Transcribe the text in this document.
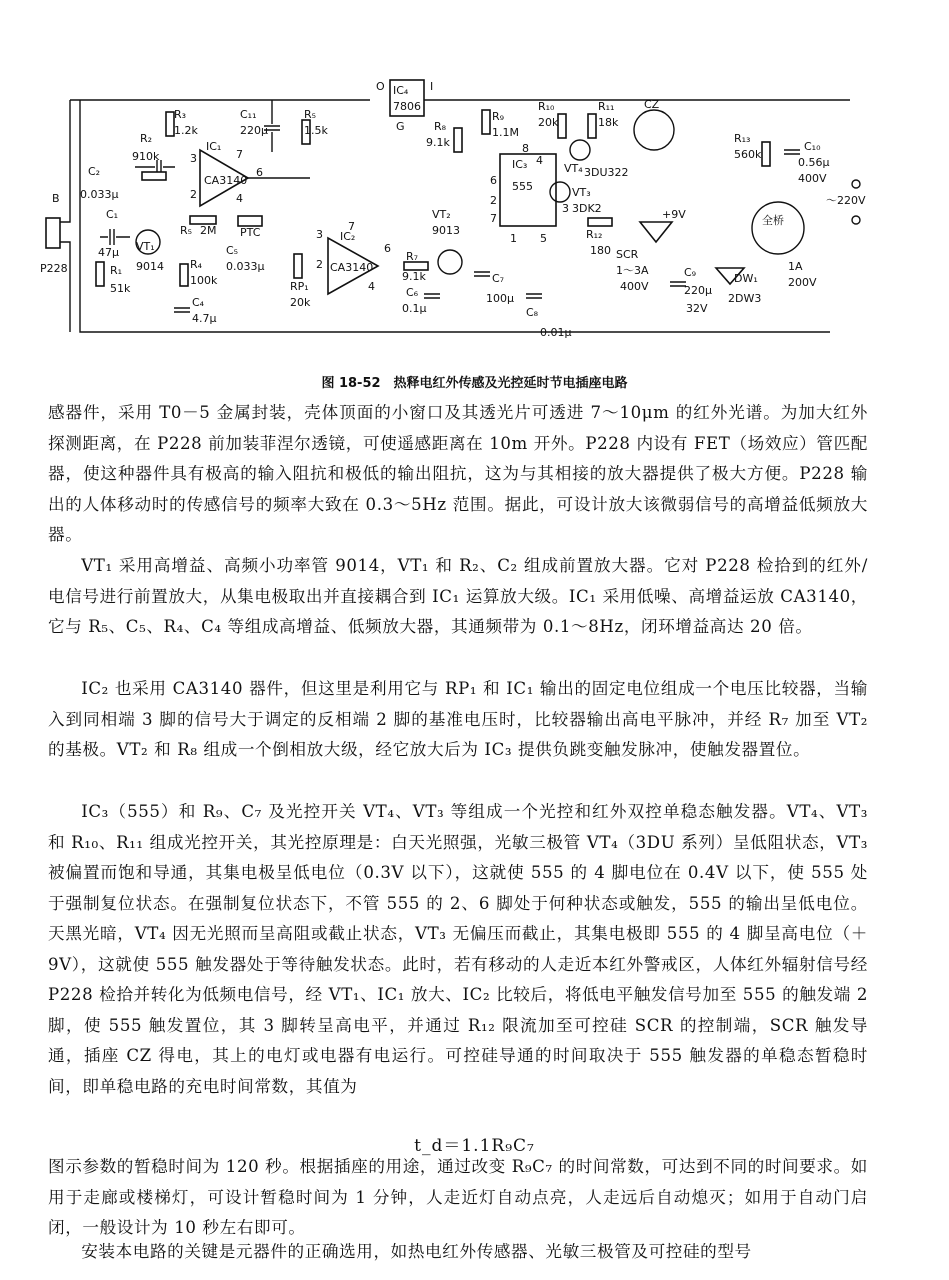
B
P228
C₂
0.033μ
C₁
47μ
R₁
51k
VT₁
9014
R₂
910k
R₃
1.2k
IC₁
CA3140
3
2
6
7
4
C₁₁
220μ
R₅ 2M PTC
C₅
0.033μ
R₄
100k
C₄
4.7μ
R₅
1.5k
RP₁
20k
IC₂
CA3140
3
2
6
7
4
O IC₄
7806
I
G	R₈
9.1k
R₉
1.1M
R₇
9.1k
C₆
0.1μ
VT₂
9013
IC₃
555
4
6
7
8
3
1 5
2
C₇
100μ
C₈
0.01μ
R₁₀
20k
R₁₁
18k
VT₄ 3DU322
VT₃
3DK2
R₁₂
180
CZ
+9V
SCR
1～3A
400V
C₉
220μ
32V
DW₁
2DW3
R₁₃
560k
C₁₀
0.56μ
400V
全桥
1A
200V
～220V
图 18-52　热释电红外传感及光控延时节电插座电路

感器件，采用 T0－5 金属封装，壳体顶面的小窗口及其透光片可透进 7～10μm 的红外光谱。为加大红外探测距离，在 P228 前加装菲涅尔透镜，可使遥感距离在 10m 开外。P228 内设有 FET（场效应）管匹配器，使这种器件具有极高的输入阻抗和极低的输出阻抗，这为与其相接的放大器提供了极大方便。P228 输出的人体移动时的传感信号的频率大致在 0.3～5Hz 范围。据此，可设计放大该微弱信号的高增益低频放大器。

VT₁ 采用高增益、高频小功率管 9014，VT₁ 和 R₂、C₂ 组成前置放大器。它对 P228 检拾到的红外/电信号进行前置放大，从集电极取出并直接耦合到 IC₁ 运算放大级。IC₁ 采用低噪、高增益运放 CA3140，它与 R₅、C₅、R₄、C₄ 等组成高增益、低频放大器，其通频带为 0.1～8Hz，闭环增益高达 20 倍。

IC₂ 也采用 CA3140 器件，但这里是利用它与 RP₁ 和 IC₁ 输出的固定电位组成一个电压比较器，当输入到同相端 3 脚的信号大于调定的反相端 2 脚的基准电压时，比较器输出高电平脉冲，并经 R₇ 加至 VT₂ 的基极。VT₂ 和 R₈ 组成一个倒相放大级，经它放大后为 IC₃ 提供负跳变触发脉冲，使触发器置位。

IC₃（555）和 R₉、C₇ 及光控开关 VT₄、VT₃ 等组成一个光控和红外双控单稳态触发器。VT₄、VT₃ 和 R₁₀、R₁₁ 组成光控开关，其光控原理是：白天光照强，光敏三极管 VT₄（3DU 系列）呈低阻状态，VT₃ 被偏置而饱和导通，其集电极呈低电位（0.3V 以下），这就使 555 的 4 脚电位在 0.4V 以下，使 555 处于强制复位状态。在强制复位状态下，不管 555 的 2、6 脚处于何种状态或触发，555 的输出呈低电位。天黑光暗，VT₄ 因无光照而呈高阻或截止状态，VT₃ 无偏压而截止，其集电极即 555 的 4 脚呈高电位（＋9V），这就使 555 触发器处于等待触发状态。此时，若有移动的人走近本红外警戒区，人体红外辐射信号经 P228 检拾并转化为低频电信号，经 VT₁、IC₁ 放大、IC₂ 比较后，将低电平触发信号加至 555 的触发端 2 脚，使 555 触发置位，其 3 脚转呈高电平，并通过 R₁₂ 限流加至可控硅 SCR 的控制端，SCR 触发导通，插座 CZ 得电，其上的电灯或电器有电运行。可控硅导通的时间取决于 555 触发器的单稳态暂稳时间，即单稳电路的充电时间常数，其值为

t_d＝1.1R₉C₇

图示参数的暂稳时间为 120 秒。根据插座的用途，通过改变 R₉C₇ 的时间常数，可达到不同的时间要求。如用于走廊或楼梯灯，可设计暂稳时间为 1 分钟，人走近灯自动点亮，人走远后自动熄灭；如用于自动门启闭，一般设计为 10 秒左右即可。

安装本电路的关键是元器件的正确选用，如热电红外传感器、光敏三极管及可控硅的型号
